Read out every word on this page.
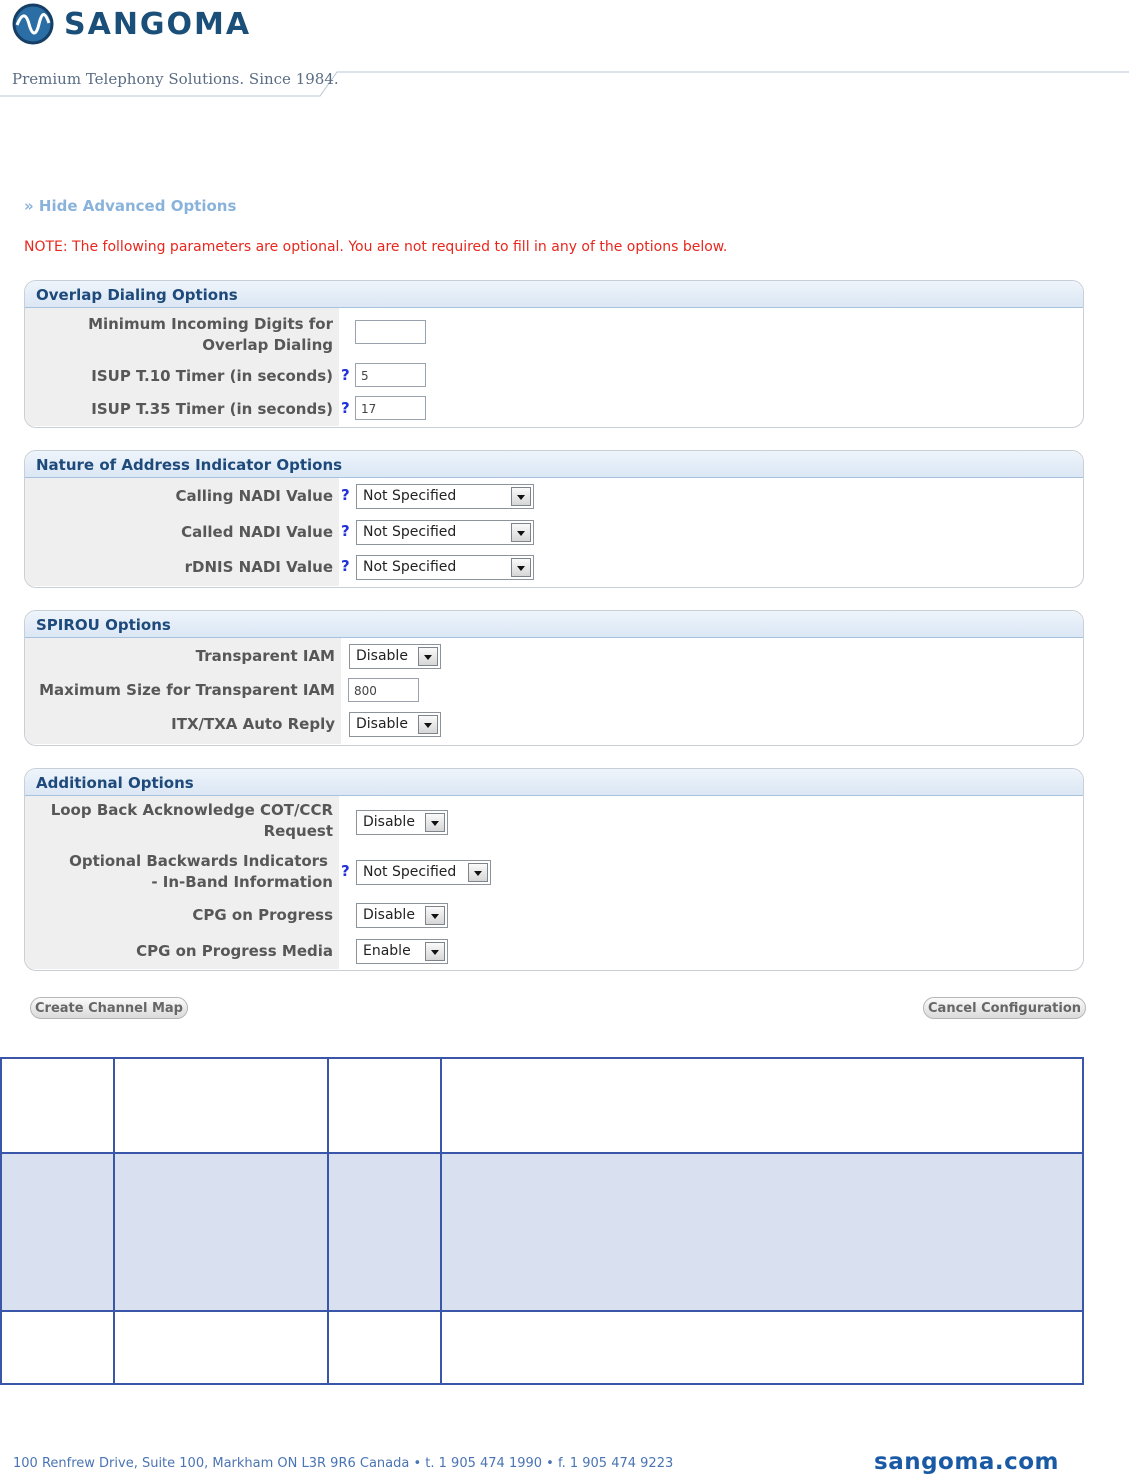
SANGOMA
Premium Telephony Solutions. Since 1984.
» Hide Advanced Options
NOTE: The following parameters are optional. You are not required to fill in any of the options below.
Overlap Dialing Options
Minimum Incoming Digits for
Overlap Dialing
ISUP T.10 Timer (in seconds) ? 5
ISUP T.35 Timer (in seconds) ? 17
Nature of Address Indicator Options
Calling NADI Value ? Not Specified
Called NADI Value ? Not Specified
rDNIS NADI Value ? Not Specified
SPIROU Options
Transparent IAM	Disable
Maximum Size for Transparent IAM	800
ITX/TXA Auto Reply	Disable
Additional Options
Loop Back Acknowledge COT/CCR
Request	Disable
Optional Backwards Indicators
- In-Band Information
? Not Specified
CPG on Progress	Disable
CPG on Progress Media	Enable
Create Channel Map	Cancel Configuration

100 Renfrew Drive, Suite 100, Markham ON L3R 9R6 Canada • t. 1 905 474 1990 • f. 1 905 474 9223	sangoma.com
